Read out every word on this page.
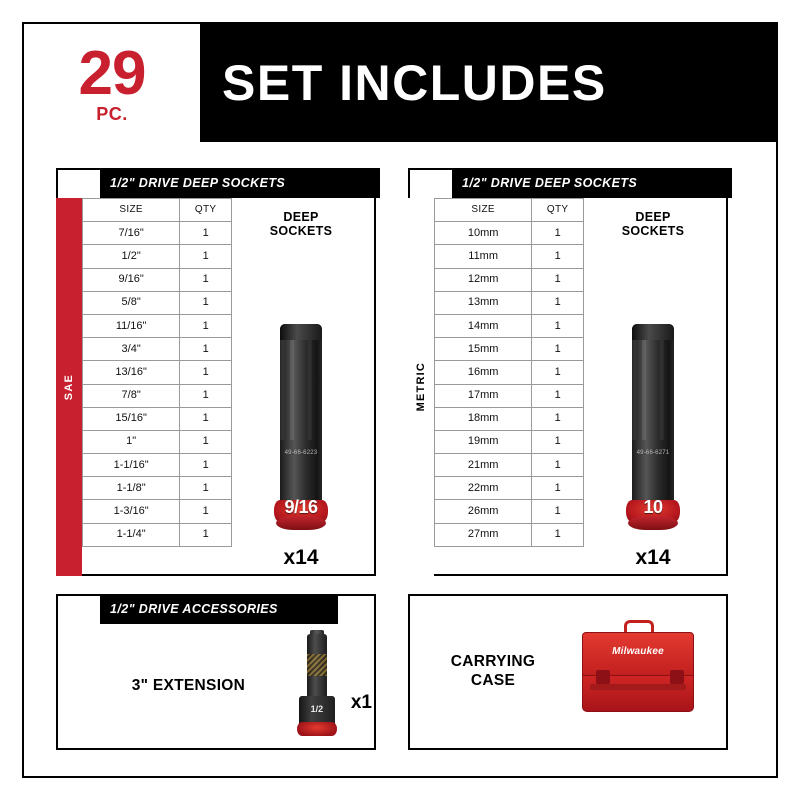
29
PC.
SET INCLUDES
1/2" DRIVE DEEP SOCKETS
SAE
SIZE	QTY
7/16"	1
1/2"	1
9/16"	1
5/8"	1
11/16"	1
3/4"	1
13/16"	1
7/8"	1
15/16"	1
1"	1
1-1/16"	1
1-1/8"	1
1-3/16"	1
1-1/4"	1
DEEP
SOCKETS
49-66-6223
9/16
x14
1/2" DRIVE DEEP SOCKETS
METRIC
SIZE	QTY
10mm	1
11mm	1
12mm	1
13mm	1
14mm	1
15mm	1
16mm	1
17mm	1
18mm	1
19mm	1
21mm	1
22mm	1
26mm	1
27mm	1
DEEP
SOCKETS
49-66-6271
10
x14
1/2" DRIVE ACCESSORIES
3" EXTENSION
1/2	x1
CARRYING
CASE
Milwaukee
